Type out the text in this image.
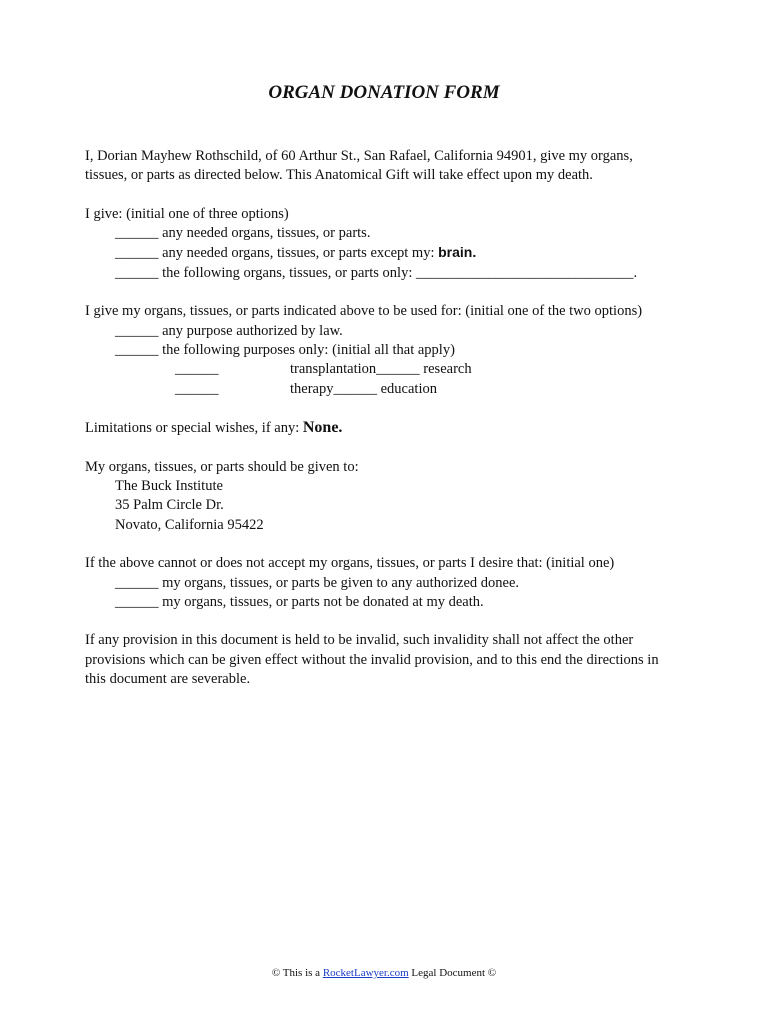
ORGAN DONATION FORM
I, Dorian Mayhew Rothschild, of 60 Arthur St., San Rafael, California 94901, give my organs,
tissues, or parts as directed below. This Anatomical Gift will take effect upon my death.
I give: (initial one of three options)
______ any needed organs, tissues, or parts.
______ any needed organs, tissues, or parts except my: brain.
______ the following organs, tissues, or parts only: ______________________________.
I give my organs, tissues, or parts indicated above to be used for: (initial one of the two options)
______ any purpose authorized by law.
______ the following purposes only: (initial all that apply)
______	transplantation______ research
______	therapy______ education
Limitations or special wishes, if any: None.
My organs, tissues, or parts should be given to:
The Buck Institute
35 Palm Circle Dr.
Novato, California 95422
If the above cannot or does not accept my organs, tissues, or parts I desire that: (initial one)
______ my organs, tissues, or parts be given to any authorized donee.
______ my organs, tissues, or parts not be donated at my death.
If any provision in this document is held to be invalid, such invalidity shall not affect the other
provisions which can be given effect without the invalid provision, and to this end the directions in
this document are severable.
© This is a RocketLawyer.com Legal Document ©
